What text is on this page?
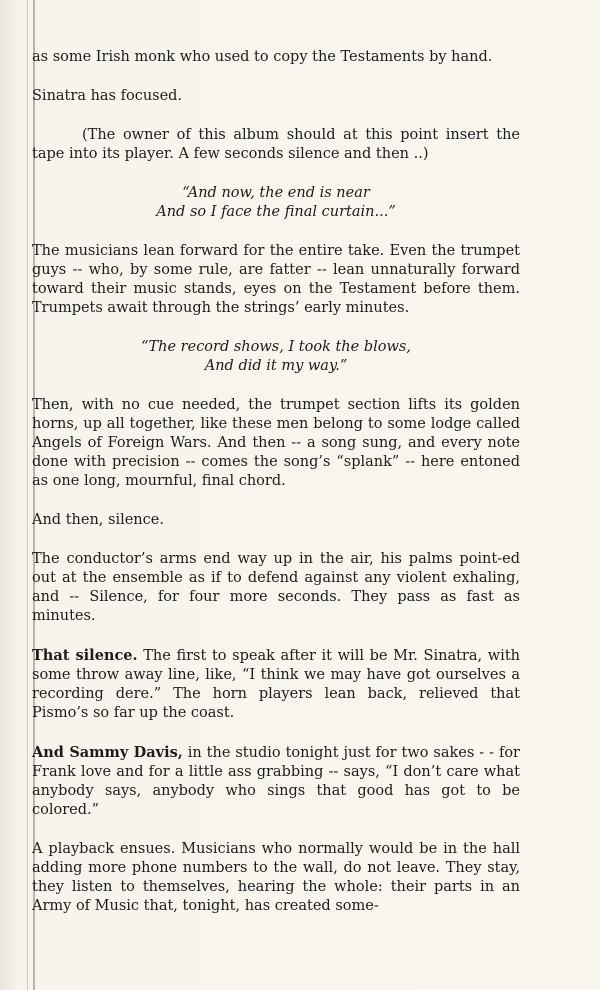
as some Irish monk who used to copy the Testaments by hand.

Sinatra has focused.

(The owner of this album should at this point insert the tape into its player. A few seconds silence and then ..)

“And now, the end is near
And so I face the final curtain...”

The musicians lean forward for the entire take. Even the trumpet guys -- who, by some rule, are fatter -- lean unnaturally forward toward their music stands, eyes on the Testament before them. Trumpets await through the strings’ early minutes.

“The record shows, I took the blows,
And did it my way.”

Then, with no cue needed, the trumpet section lifts its golden horns, up all together, like these men belong to some lodge called Angels of Foreign Wars. And then -- a song sung, and every note done with precision -- comes the song’s “splank” -- here entoned as one long, mournful, final chord.

And then, silence.

The conductor’s arms end way up in the air, his palms point-ed out at the ensemble as if to defend against any violent exhaling, and -- Silence, for four more seconds. They pass as fast as minutes.

That silence. The first to speak after it will be Mr. Sinatra, with some throw away line, like, “I think we may have got ourselves a recording dere.” The horn players lean back, relieved that Pismo’s so far up the coast.

And Sammy Davis, in the studio tonight just for two sakes - - for Frank love and for a little ass grabbing -- says, “I don’t care what anybody says, anybody who sings that good has got to be colored.”

A playback ensues. Musicians who normally would be in the hall adding more phone numbers to the wall, do not leave. They stay, they listen to themselves, hearing the whole: their parts in an Army of Music that, tonight, has created some-
